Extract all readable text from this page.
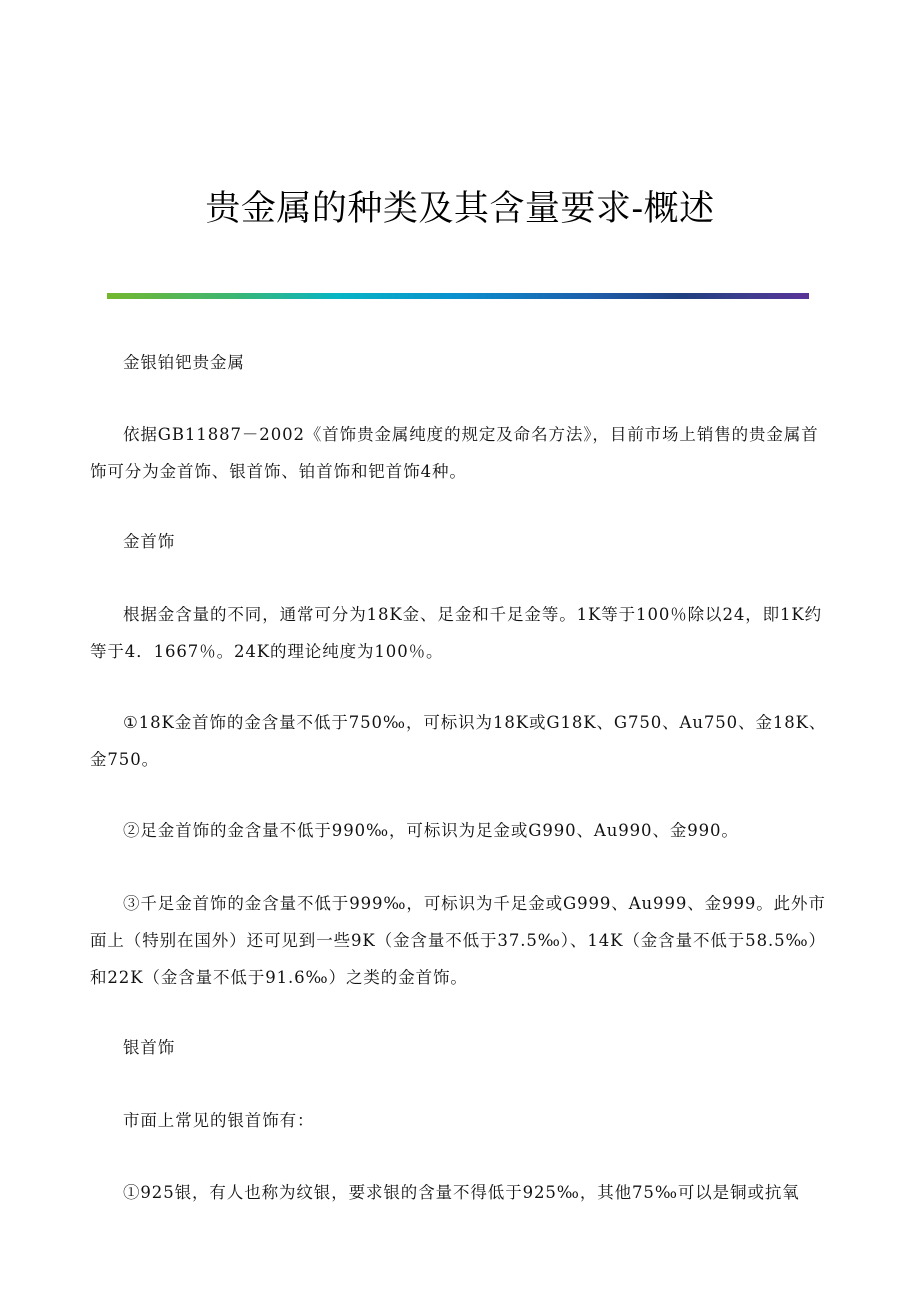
贵金属的种类及其含量要求-概述

金银铂钯贵金属

依据GB11887－2002《首饰贵金属纯度的规定及命名方法》，目前市场上销售的贵金属首饰可分为金首饰、银首饰、铂首饰和钯首饰4种。

金首饰

根据金含量的不同，通常可分为18K金、足金和千足金等。1K等于100％除以24，即1K约等于4．1667％。24K的理论纯度为100％。

①18K金首饰的金含量不低于750‰，可标识为18K或G18K、G750、Au750、金18K、金750。

②足金首饰的金含量不低于990‰，可标识为足金或G990、Au990、金990。

③千足金首饰的金含量不低于999‰，可标识为千足金或G999、Au999、金999。此外市面上（特别在国外）还可见到一些9K（金含量不低于37.5‰）、14K（金含量不低于58.5‰）和22K（金含量不低于91.6‰）之类的金首饰。

银首饰

市面上常见的银首饰有：

①925银，有人也称为纹银，要求银的含量不得低于925‰，其他75‰可以是铜或抗氧
